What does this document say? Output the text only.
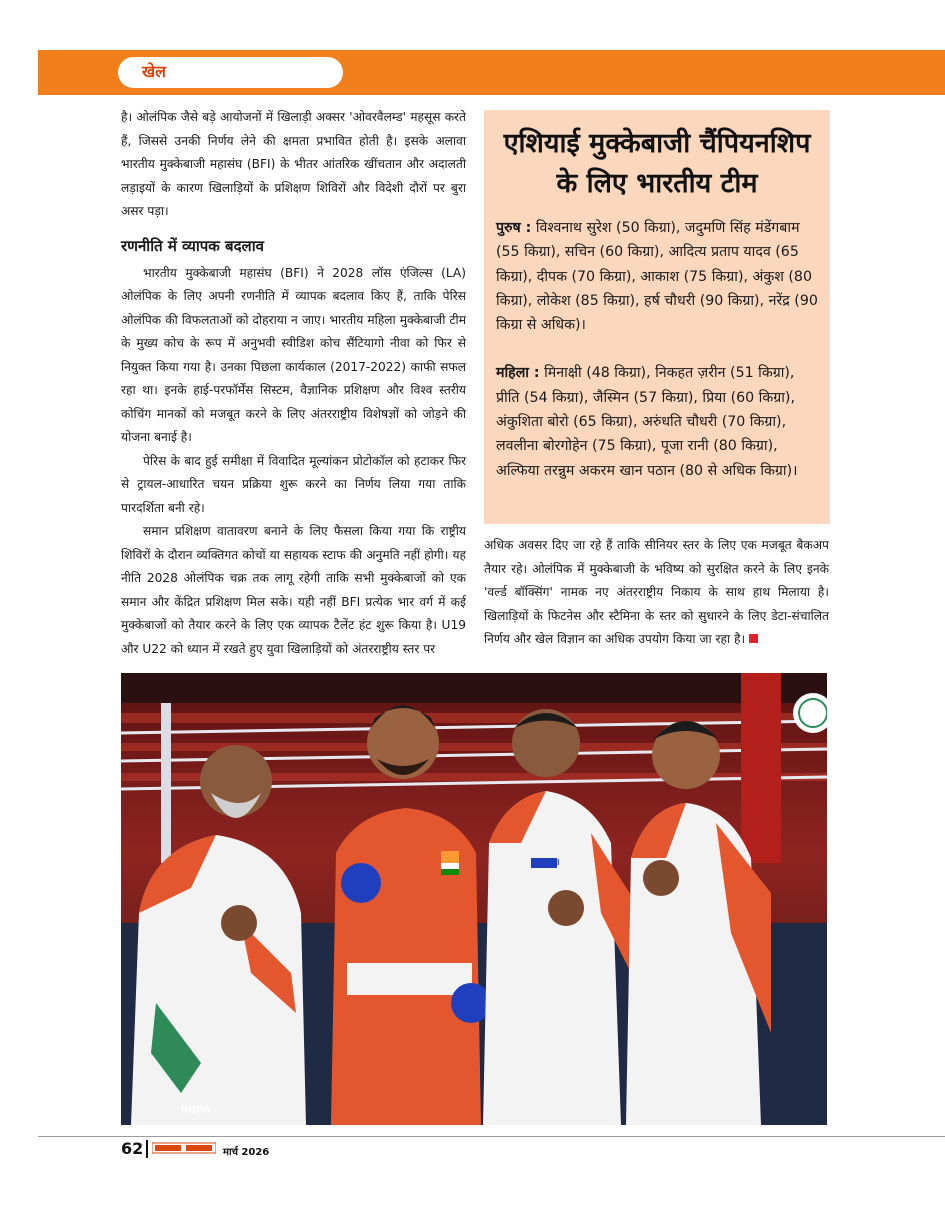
खेल

है। ओलंपिक जैसे बड़े आयोजनों में खिलाड़ी अक्सर 'ओवरवैलम्ड' महसूस करते हैं, जिससे उनकी निर्णय लेने की क्षमता प्रभावित होती है। इसके अलावा भारतीय मुक्केबाजी महासंघ (BFI) के भीतर आंतरिक खींचतान और अदालती लड़ाइयों के कारण खिलाड़ियों के प्रशिक्षण शिविरों और विदेशी दौरों पर बुरा असर पड़ा।

रणनीति में व्यापक बदलाव

भारतीय मुक्केबाजी महासंघ (BFI) ने 2028 लॉस एंजिल्स (LA) ओलंपिक के लिए अपनी रणनीति में व्यापक बदलाव किए हैं, ताकि पेरिस ओलंपिक की विफलताओं को दोहराया न जाए। भारतीय महिला मुक्केबाजी टीम के मुख्य कोच के रूप में अनुभवी स्वीडिश कोच सैंटियागो नीवा को फिर से नियुक्त किया गया है। उनका पिछला कार्यकाल (2017-2022) काफी सफल रहा था। इनके हाई-परफॉर्मेंस सिस्टम, वैज्ञानिक प्रशिक्षण और विश्व स्तरीय कोचिंग मानकों को मजबूत करने के लिए अंतरराष्ट्रीय विशेषज्ञों को जोड़ने की योजना बनाई है।

पेरिस के बाद हुई समीक्षा में विवादित मूल्यांकन प्रोटोकॉल को हटाकर फिर से ट्रायल-आधारित चयन प्रक्रिया शुरू करने का निर्णय लिया गया ताकि पारदर्शिता बनी रहे।

समान प्रशिक्षण वातावरण बनाने के लिए फैसला किया गया कि राष्ट्रीय शिविरों के दौरान व्यक्तिगत कोचों या सहायक स्टाफ की अनुमति नहीं होगी। यह नीति 2028 ओलंपिक चक्र तक लागू रहेगी ताकि सभी मुक्केबाजों को एक समान और केंद्रित प्रशिक्षण मिल सके। यही नहीं BFI प्रत्येक भार वर्ग में कई मुक्केबाजों को तैयार करने के लिए एक व्यापक टैलेंट हंट शुरू किया है। U19 और U22 को ध्यान में रखते हुए युवा खिलाड़ियों को अंतरराष्ट्रीय स्तर पर

एशियाई मुक्केबाजी चैंपियनशिप के लिए भारतीय टीम

पुरुष : विश्वनाथ सुरेश (50 किग्रा), जदुमणि सिंह मंडेंगबाम (55 किग्रा), सचिन (60 किग्रा), आदित्य प्रताप यादव (65 किग्रा), दीपक (70 किग्रा), आकाश (75 किग्रा), अंकुश (80 किग्रा), लोकेश (85 किग्रा), हर्ष चौधरी (90 किग्रा), नरेंद्र (90 किग्रा से अधिक)।

महिला : मिनाक्षी (48 किग्रा), निकहत ज़रीन (51 किग्रा), प्रीति (54 किग्रा), जैस्मिन (57 किग्रा), प्रिया (60 किग्रा), अंकुशिता बोरो (65 किग्रा), अरुंधति चौधरी (70 किग्रा), लवलीना बोरगोहेन (75 किग्रा), पूजा रानी (80 किग्रा), अल्फिया तरन्नुम अकरम खान पठान (80 से अधिक किग्रा)।

अधिक अवसर दिए जा रहे हैं ताकि सीनियर स्तर के लिए एक मजबूत बैकअप तैयार रहे। ओलंपिक में मुक्केबाजी के भविष्य को सुरक्षित करने के लिए इनके 'वर्ल्ड बॉक्सिंग' नामक नए अंतरराष्ट्रीय निकाय के साथ हाथ मिलाया है। खिलाड़ियों के फिटनेस और स्टैमिना के स्तर को सुधारने के लिए डेटा-संचालित निर्णय और खेल विज्ञान का अधिक उपयोग किया जा रहा है।

INDIA
SAI
62	मार्च 2026
